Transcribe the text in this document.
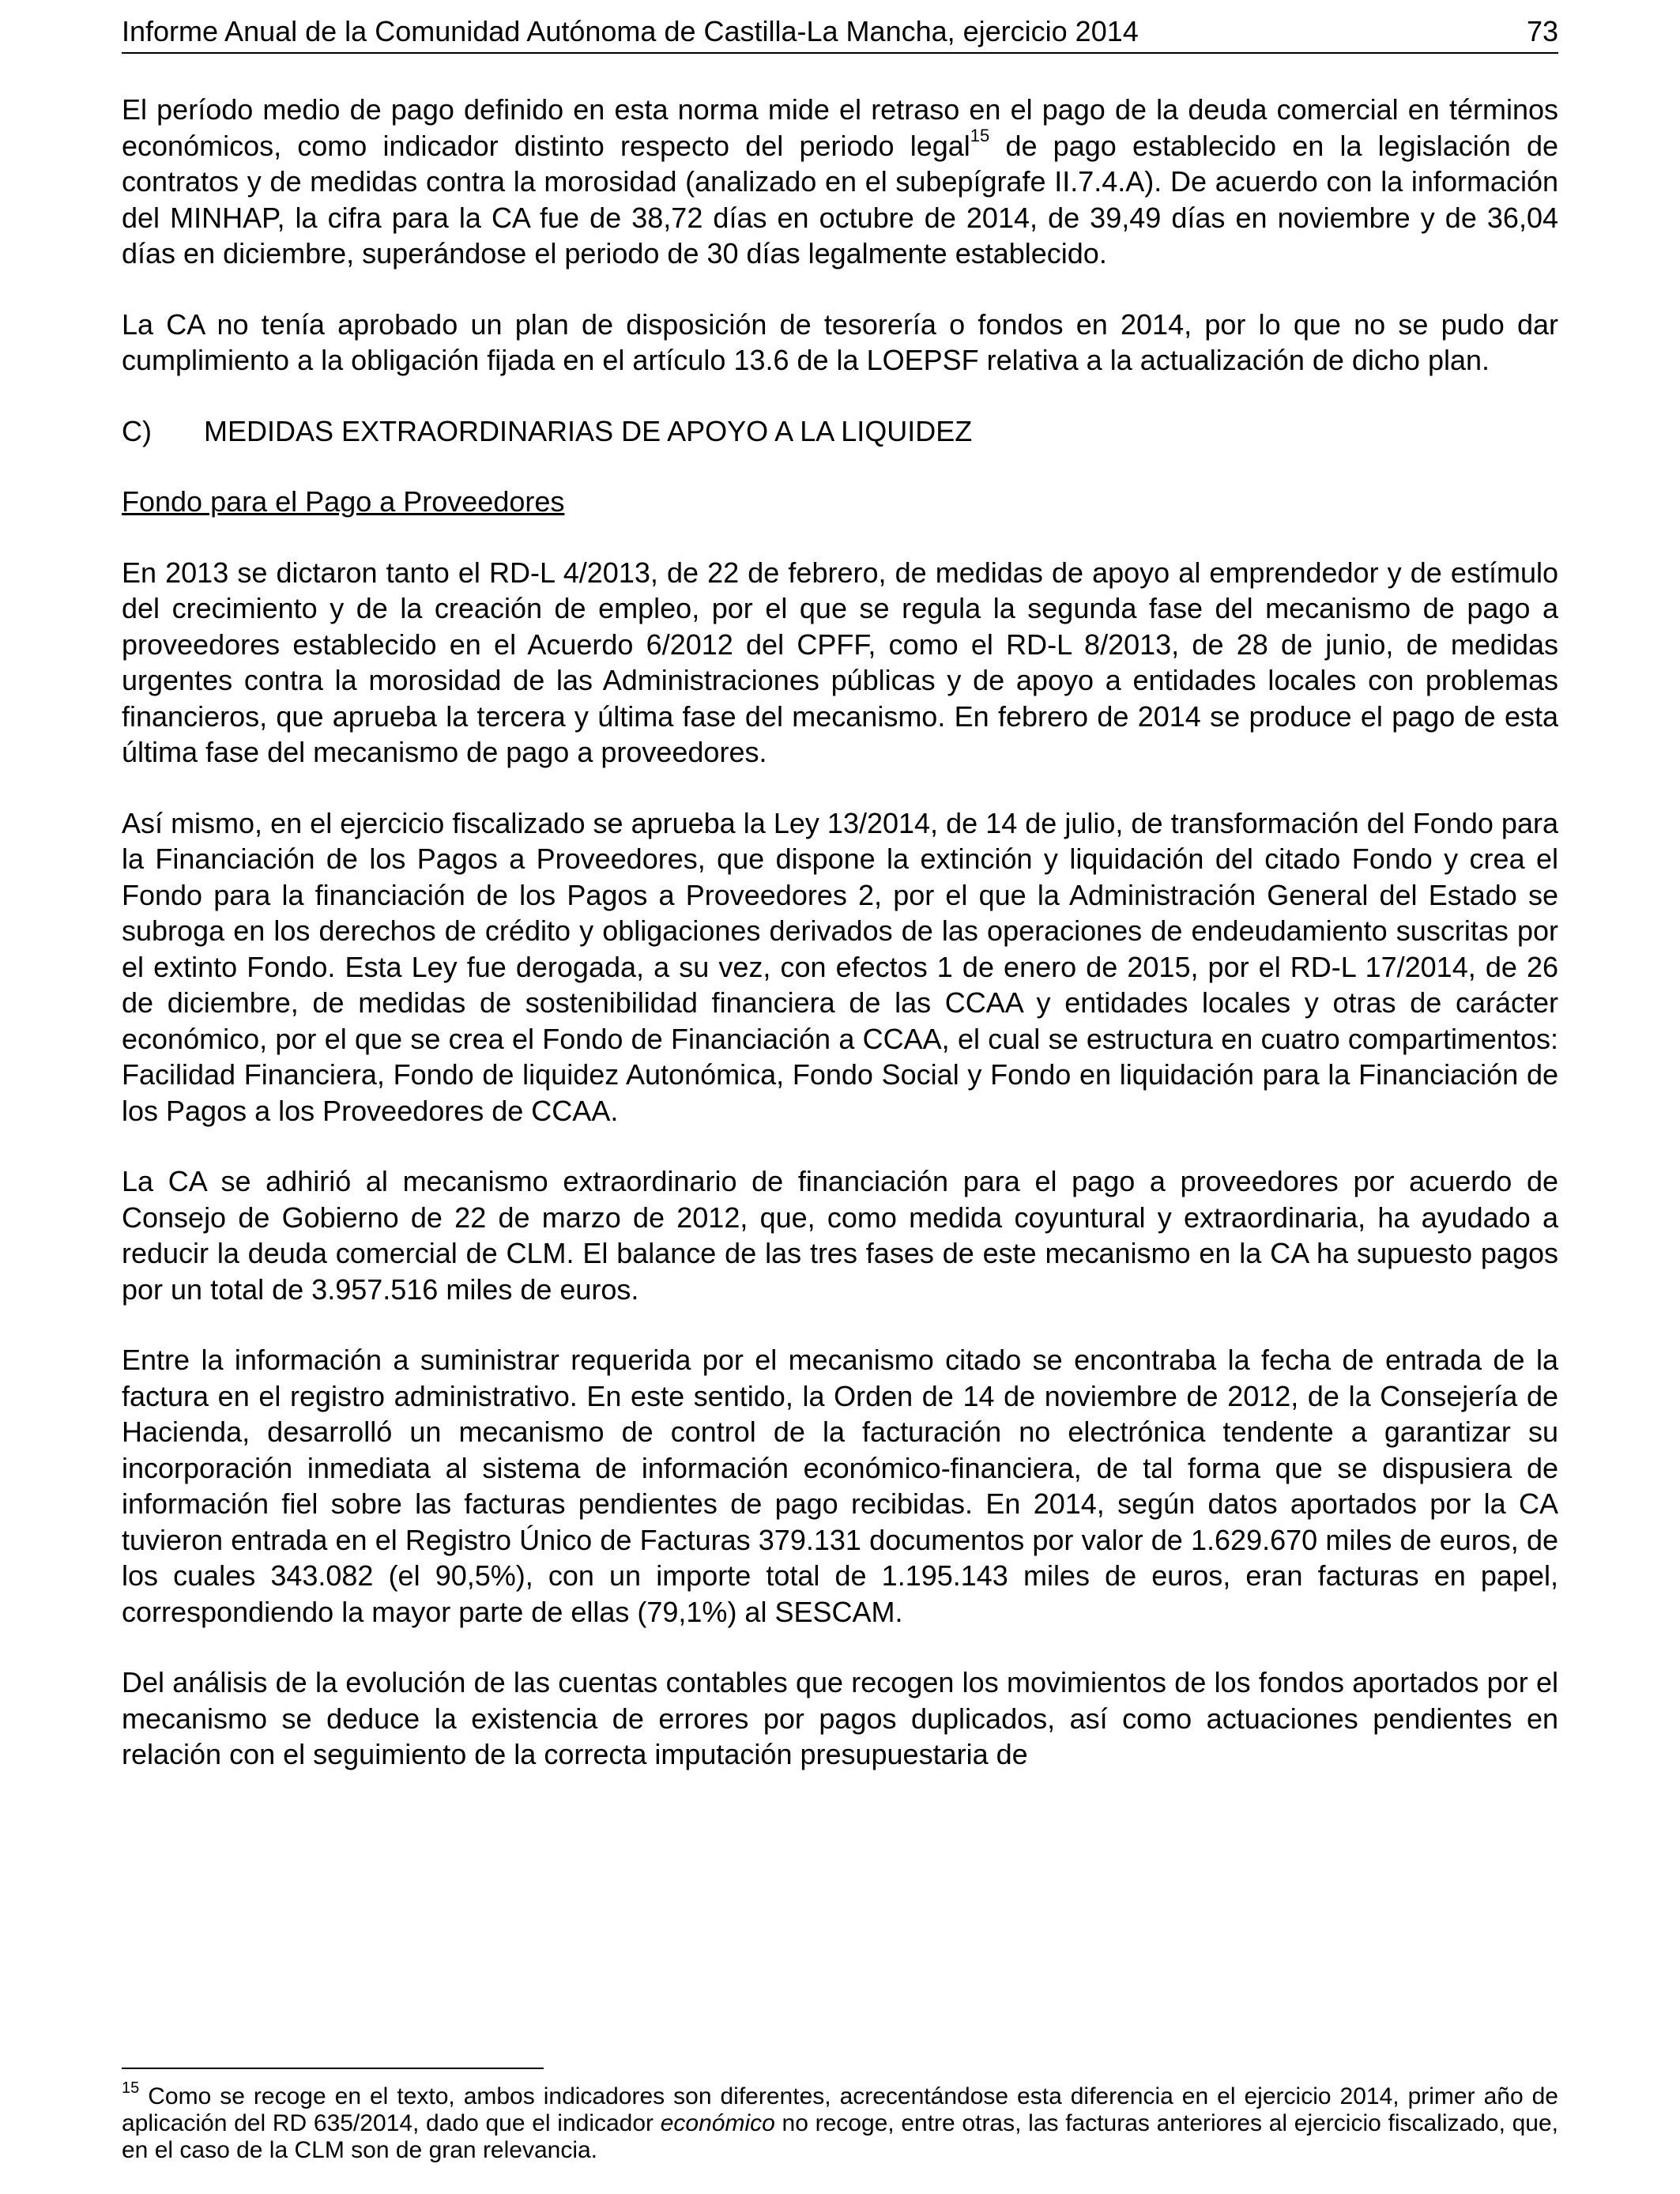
Informe Anual de la Comunidad Autónoma de Castilla-La Mancha, ejercicio 2014	73

El período medio de pago definido en esta norma mide el retraso en el pago de la deuda comercial en términos económicos, como indicador distinto respecto del periodo legal$^{15}$ de pago establecido en la legislación de contratos y de medidas contra la morosidad (analizado en el subepígrafe II.7.4.A). De acuerdo con la información del MINHAP, la cifra para la CA fue de 38,72 días en octubre de 2014, de 39,49 días en noviembre y de 36,04 días en diciembre, superándose el periodo de 30 días legalmente establecido.

La CA no tenía aprobado un plan de disposición de tesorería o fondos en 2014, por lo que no se pudo dar cumplimiento a la obligación fijada en el artículo 13.6 de la LOEPSF relativa a la actualización de dicho plan.

C) MEDIDAS EXTRAORDINARIAS DE APOYO A LA LIQUIDEZ
Fondo para el Pago a Proveedores

En 2013 se dictaron tanto el RD-L 4/2013, de 22 de febrero, de medidas de apoyo al emprendedor y de estímulo del crecimiento y de la creación de empleo, por el que se regula la segunda fase del mecanismo de pago a proveedores establecido en el Acuerdo 6/2012 del CPFF, como el RD-L 8/2013, de 28 de junio, de medidas urgentes contra la morosidad de las Administraciones públicas y de apoyo a entidades locales con problemas financieros, que aprueba la tercera y última fase del mecanismo. En febrero de 2014 se produce el pago de esta última fase del mecanismo de pago a proveedores.

Así mismo, en el ejercicio fiscalizado se aprueba la Ley 13/2014, de 14 de julio, de transformación del Fondo para la Financiación de los Pagos a Proveedores, que dispone la extinción y liquidación del citado Fondo y crea el Fondo para la financiación de los Pagos a Proveedores 2, por el que la Administración General del Estado se subroga en los derechos de crédito y obligaciones derivados de las operaciones de endeudamiento suscritas por el extinto Fondo. Esta Ley fue derogada, a su vez, con efectos 1 de enero de 2015, por el RD-L 17/2014, de 26 de diciembre, de medidas de sostenibilidad financiera de las CCAA y entidades locales y otras de carácter económico, por el que se crea el Fondo de Financiación a CCAA, el cual se estructura en cuatro compartimentos: Facilidad Financiera, Fondo de liquidez Autonómica, Fondo Social y Fondo en liquidación para la Financiación de los Pagos a los Proveedores de CCAA.

La CA se adhirió al mecanismo extraordinario de financiación para el pago a proveedores por acuerdo de Consejo de Gobierno de 22 de marzo de 2012, que, como medida coyuntural y extraordinaria, ha ayudado a reducir la deuda comercial de CLM. El balance de las tres fases de este mecanismo en la CA ha supuesto pagos por un total de 3.957.516 miles de euros.

Entre la información a suministrar requerida por el mecanismo citado se encontraba la fecha de entrada de la factura en el registro administrativo. En este sentido, la Orden de 14 de noviembre de 2012, de la Consejería de Hacienda, desarrolló un mecanismo de control de la facturación no electrónica tendente a garantizar su incorporación inmediata al sistema de información económico-financiera, de tal forma que se dispusiera de información fiel sobre las facturas pendientes de pago recibidas. En 2014, según datos aportados por la CA tuvieron entrada en el Registro Único de Facturas 379.131 documentos por valor de 1.629.670 miles de euros, de los cuales 343.082 (el 90,5%), con un importe total de 1.195.143 miles de euros, eran facturas en papel, correspondiendo la mayor parte de ellas (79,1%) al SESCAM.

Del análisis de la evolución de las cuentas contables que recogen los movimientos de los fondos aportados por el mecanismo se deduce la existencia de errores por pagos duplicados, así como actuaciones pendientes en relación con el seguimiento de la correcta imputación presupuestaria de

$^{15}$ Como se recoge en el texto, ambos indicadores son diferentes, acrecentándose esta diferencia en el ejercicio 2014, primer año de aplicación del RD 635/2014, dado que el indicador económico no recoge, entre otras, las facturas anteriores al ejercicio fiscalizado, que, en el caso de la CLM son de gran relevancia.
